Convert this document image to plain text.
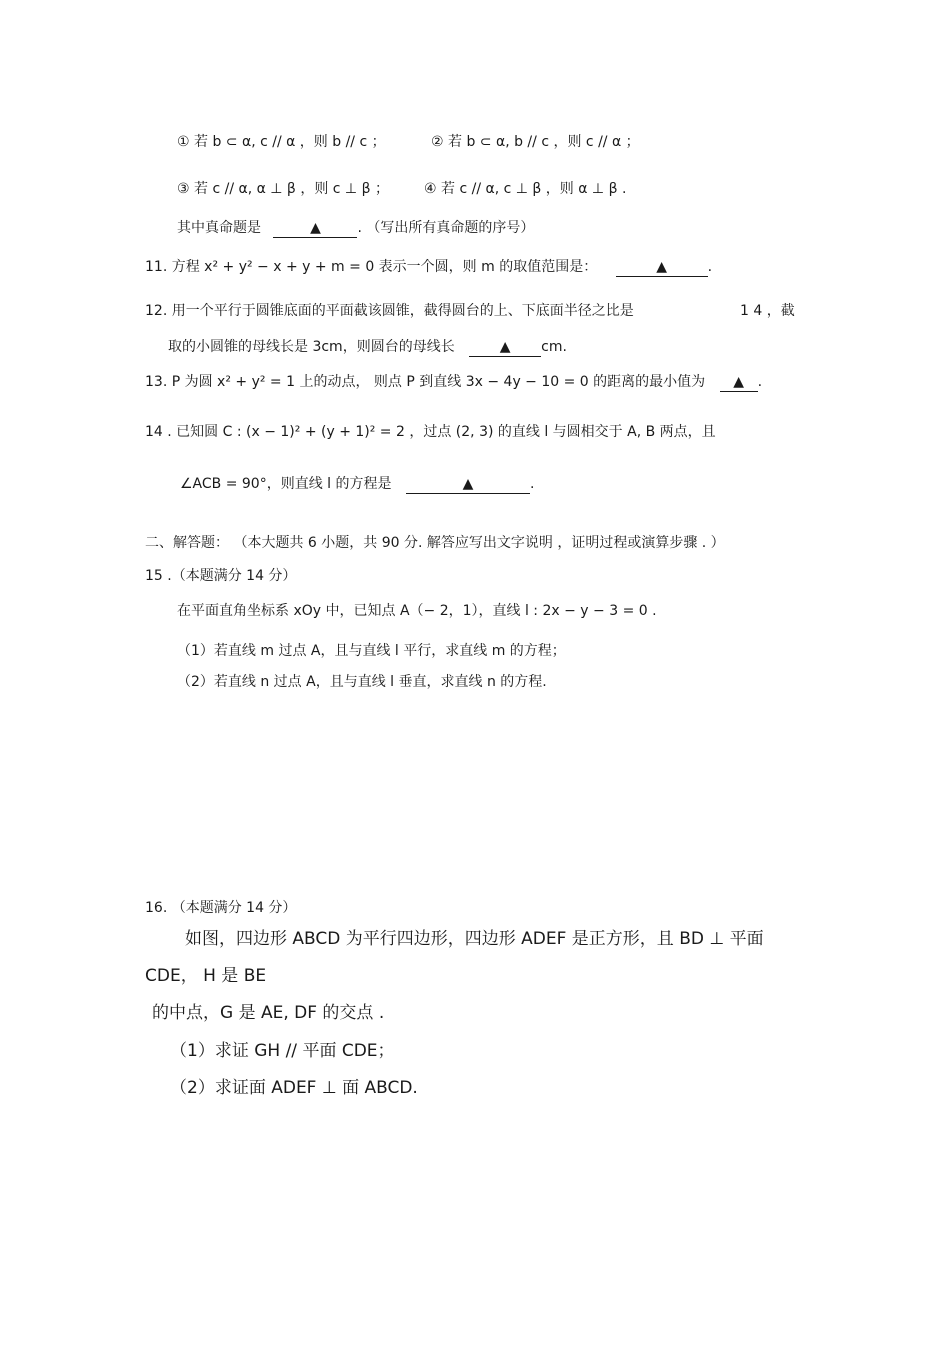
① 若 b ⊂ α, c // α ，则 b // c ；	② 若 b ⊂ α, b // c ，则 c // α ；
③ 若 c // α, α ⊥ β ，则 c ⊥ β ；	④ 若 c // α, c ⊥ β ，则 α ⊥ β .
其中真命题是	▲	. （写出所有真命题的序号）
11. 方程 x² + y² − x + y + m = 0 表示一个圆，则 m 的取值范围是：	▲	.
12. 用一个平行于圆锥底面的平面截该圆锥，截得圆台的上、下底面半径之比是	1 4 ，截
取的小圆锥的母线长是 3cm，则圆台的母线长	▲ cm.
13. P 为圆 x² + y² = 1 上的动点， 则点 P 到直线 3x − 4y − 10 = 0 的距离的最小值为 ▲ .
14 . 已知圆 C : (x − 1)² + (y + 1)² = 2 ，过点 (2, 3) 的直线 l 与圆相交于 A, B 两点，且
∠ACB = 90°，则直线 l 的方程是	▲	.
二、解答题： （本大题共 6 小题，共 90 分. 解答应写出文字说明 ，证明过程或演算步骤 . ）
15 .（本题满分 14 分）
在平面直角坐标系 xOy 中，已知点 A（− 2，1），直线 l : 2x − y − 3 = 0 .
（1）若直线 m 过点 A，且与直线 l 平行，求直线 m 的方程；
（2）若直线 n 过点 A，且与直线 l 垂直，求直线 n 的方程.
16. （本题满分 14 分）
如图，四边形 ABCD 为平行四边形，四边形 ADEF 是正方形，且 BD ⊥ 平面
CDE， H 是 BE
的中点，G 是 AE, DF 的交点 .
（1）求证 GH // 平面 CDE；
（2）求证面 ADEF ⊥ 面 ABCD.
